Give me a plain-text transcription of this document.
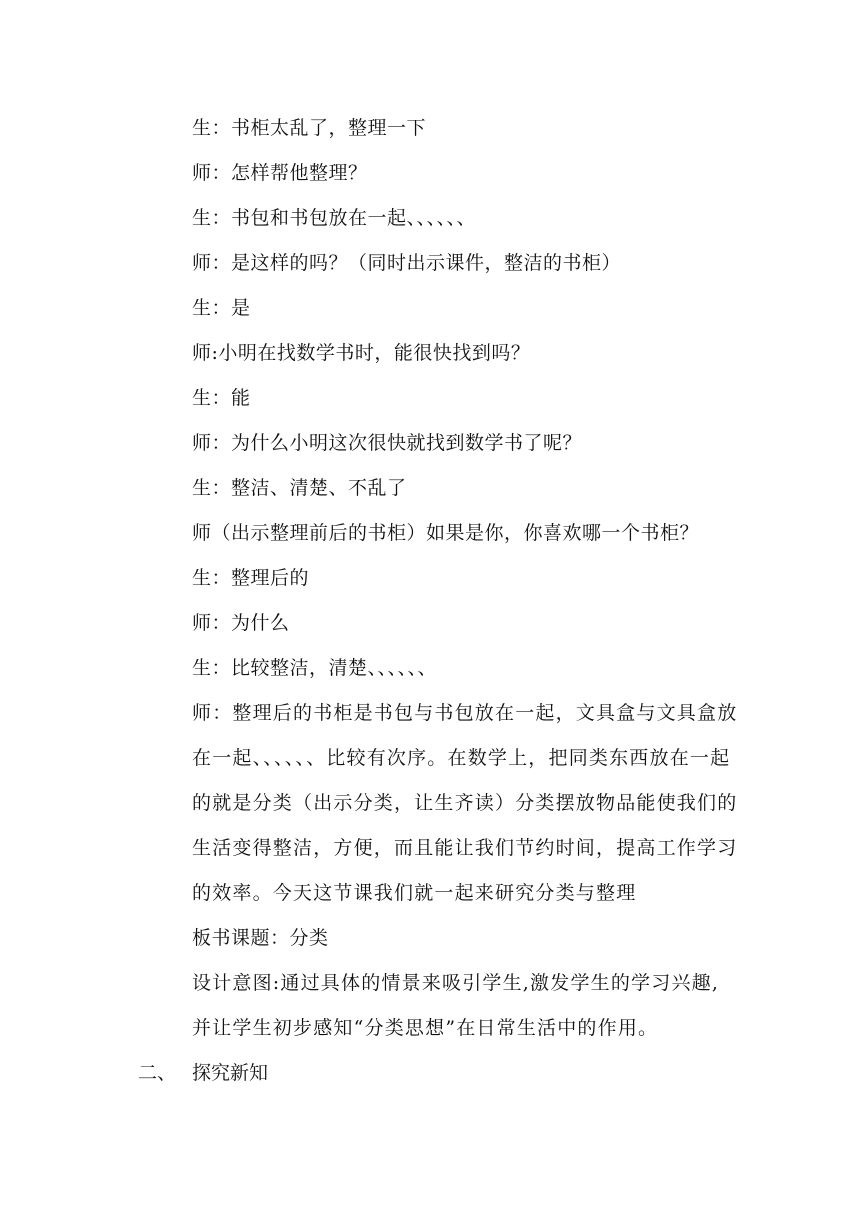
生：书柜太乱了，整理一下
师：怎样帮他整理？
生：书包和书包放在一起、、、、、、
师：是这样的吗？（同时出示课件，整洁的书柜）
生：是
师:小明在找数学书时，能很快找到吗？
生：能
师：为什么小明这次很快就找到数学书了呢？
生：整洁、清楚、不乱了
师（出示整理前后的书柜）如果是你，你喜欢哪一个书柜？
生：整理后的
师：为什么
生：比较整洁，清楚、、、、、、
师：整理后的书柜是书包与书包放在一起，文具盒与文具盒放
在一起、、、、、、比较有次序。在数学上，把同类东西放在一起
的就是分类（出示分类，让生齐读）分类摆放物品能使我们的
生活变得整洁，方便，而且能让我们节约时间，提高工作学习
的效率。今天这节课我们就一起来研究分类与整理
板书课题：分类
设计意图:通过具体的情景来吸引学生,激发学生的学习兴趣,
并让学生初步感知“分类思想”在日常生活中的作用。
二、 探究新知
